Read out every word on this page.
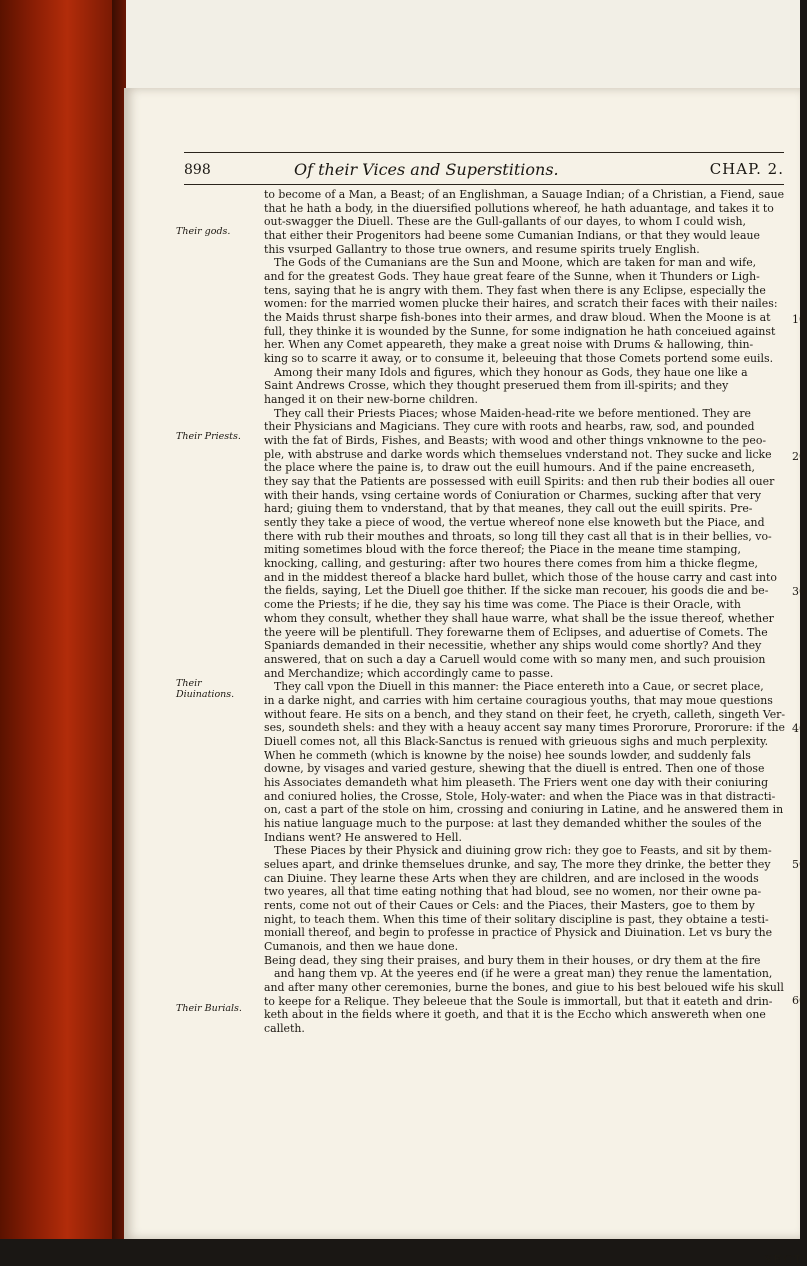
898	Of their Vices and Superstitions.	CHAP. 2.
Their gods.
Their Priests.
Their Diuinations.
Their Burials.
10
20
30
40
50
60
to become of a Man, a Beast; of an Englishman, a Sauage Indian; of a Christian, a Fiend, saue
that he hath a body, in the diuersified pollutions whereof, he hath aduantage, and takes it to
out-swagger the Diuell. These are the Gull-gallants of our dayes, to whom I could wish,
that either their Progenitors had beene some Cumanian Indians, or that they would leaue
this vsurped Gallantry to those true owners, and resume spirits truely English.
The Gods of the Cumanians are the Sun and Moone, which are taken for man and wife,
and for the greatest Gods. They haue great feare of the Sunne, when it Thunders or Ligh-
tens, saying that he is angry with them. They fast when there is any Eclipse, especially the
women: for the married women plucke their haires, and scratch their faces with their nailes:
the Maids thrust sharpe fish-bones into their armes, and draw bloud. When the Moone is at
full, they thinke it is wounded by the Sunne, for some indignation he hath conceiued against
her. When any Comet appeareth, they make a great noise with Drums & hallowing, thin-
king so to scarre it away, or to consume it, beleeuing that those Comets portend some euils.
Among their many Idols and figures, which they honour as Gods, they haue one like a
Saint Andrews Crosse, which they thought preserued them from ill-spirits; and they
hanged it on their new-borne children.
They call their Priests Piaces; whose Maiden-head-rite we before mentioned. They are
their Physicians and Magicians. They cure with roots and hearbs, raw, sod, and pounded
with the fat of Birds, Fishes, and Beasts; with wood and other things vnknowne to the peo-
ple, with abstruse and darke words which themselues vnderstand not. They sucke and licke
the place where the paine is, to draw out the euill humours. And if the paine encreaseth,
they say that the Patients are possessed with euill Spirits: and then rub their bodies all ouer
with their hands, vsing certaine words of Coniuration or Charmes, sucking after that very
hard; giuing them to vnderstand, that by that meanes, they call out the euill spirits. Pre-
sently they take a piece of wood, the vertue whereof none else knoweth but the Piace, and
there with rub their mouthes and throats, so long till they cast all that is in their bellies, vo-
miting sometimes bloud with the force thereof; the Piace in the meane time stamping,
knocking, calling, and gesturing: after two houres there comes from him a thicke flegme,
and in the middest thereof a blacke hard bullet, which those of the house carry and cast into
the fields, saying, Let the Diuell goe thither. If the sicke man recouer, his goods die and be-
come the Priests; if he die, they say his time was come. The Piace is their Oracle, with
whom they consult, whether they shall haue warre, what shall be the issue thereof, whether
the yeere will be plentifull. They forewarne them of Eclipses, and aduertise of Comets. The
Spaniards demanded in their necessitie, whether any ships would come shortly? And they
answered, that on such a day a Caruell would come with so many men, and such prouision
and Merchandize; which accordingly came to passe.
They call vpon the Diuell in this manner: the Piace entereth into a Caue, or secret place,
in a darke night, and carries with him certaine couragious youths, that may moue questions
without feare. He sits on a bench, and they stand on their feet, he cryeth, calleth, singeth Ver-
ses, soundeth shels: and they with a heauy accent say many times Prororure, Prororure: if the
Diuell comes not, all this Black-Sanctus is renued with grieuous sighs and much perplexity.
When he commeth (which is knowne by the noise) hee sounds lowder, and suddenly fals
downe, by visages and varied gesture, shewing that the diuell is entred. Then one of those
his Associates demandeth what him pleaseth. The Friers went one day with their coniuring
and coniured holies, the Crosse, Stole, Holy-water: and when the Piace was in that distracti-
on, cast a part of the stole on him, crossing and coniuring in Latine, and he answered them in
his natiue language much to the purpose: at last they demanded whither the soules of the
Indians went? He answered to Hell.
These Piaces by their Physick and diuining grow rich: they goe to Feasts, and sit by them-
selues apart, and drinke themselues drunke, and say, The more they drinke, the better they
can Diuine. They learne these Arts when they are children, and are inclosed in the woods
two yeares, all that time eating nothing that had bloud, see no women, nor their owne pa-
rents, come not out of their Caues or Cels: and the Piaces, their Masters, goe to them by
night, to teach them. When this time of their solitary discipline is past, they obtaine a testi-
moniall thereof, and begin to professe in practice of Physick and Diuination. Let vs bury the
Cumanois, and then we haue done.
Being dead, they sing their praises, and bury them in their houses, or dry them at the fire
and hang them vp. At the yeeres end (if he were a great man) they renue the lamentation,
and after many other ceremonies, burne the bones, and giue to his best beloued wife his skull
to keepe for a Relique. They beleeue that the Soule is immortall, but that it eateth and drin-
keth about in the fields where it goeth, and that it is the Eccho which answereth when one
calleth.
SECT.
